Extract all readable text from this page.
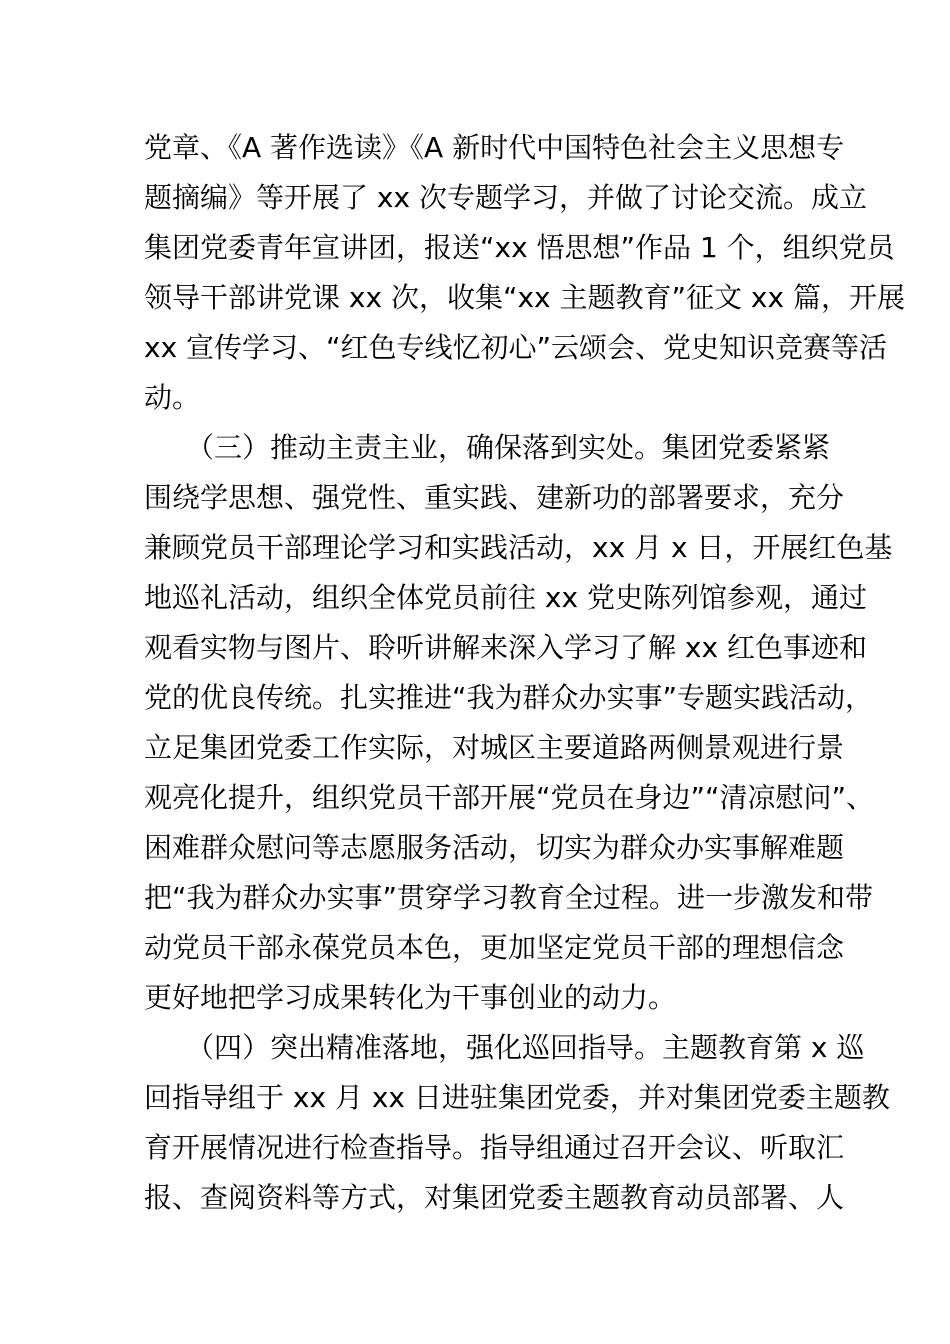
党章、《A 著作选读》《A 新时代中国特色社会主义思想专
题摘编》等开展了 xx 次专题学习，并做了讨论交流。成立
集团党委青年宣讲团，报送“xx 悟思想”作品 1 个，组织党员
领导干部讲党课 xx 次，收集“xx 主题教育”征文 xx 篇，开展
xx 宣传学习、“红色专线忆初心”云颂会、党史知识竞赛等活
动。
　　（三）推动主责主业，确保落到实处。集团党委紧紧
围绕学思想、强党性、重实践、建新功的部署要求，充分
兼顾党员干部理论学习和实践活动，xx 月 x 日，开展红色基
地巡礼活动，组织全体党员前往 xx 党史陈列馆参观，通过
观看实物与图片、聆听讲解来深入学习了解 xx 红色事迹和
党的优良传统。扎实推进“我为群众办实事”专题实践活动，
立足集团党委工作实际，对城区主要道路两侧景观进行景
观亮化提升，组织党员干部开展“党员在身边”“清凉慰问”、
困难群众慰问等志愿服务活动，切实为群众办实事解难题
把“我为群众办实事”贯穿学习教育全过程。进一步激发和带
动党员干部永葆党员本色，更加坚定党员干部的理想信念
更好地把学习成果转化为干事创业的动力。
　　（四）突出精准落地，强化巡回指导。主题教育第 x 巡
回指导组于 xx 月 xx 日进驻集团党委，并对集团党委主题教
育开展情况进行检查指导。指导组通过召开会议、听取汇
报、查阅资料等方式，对集团党委主题教育动员部署、人
